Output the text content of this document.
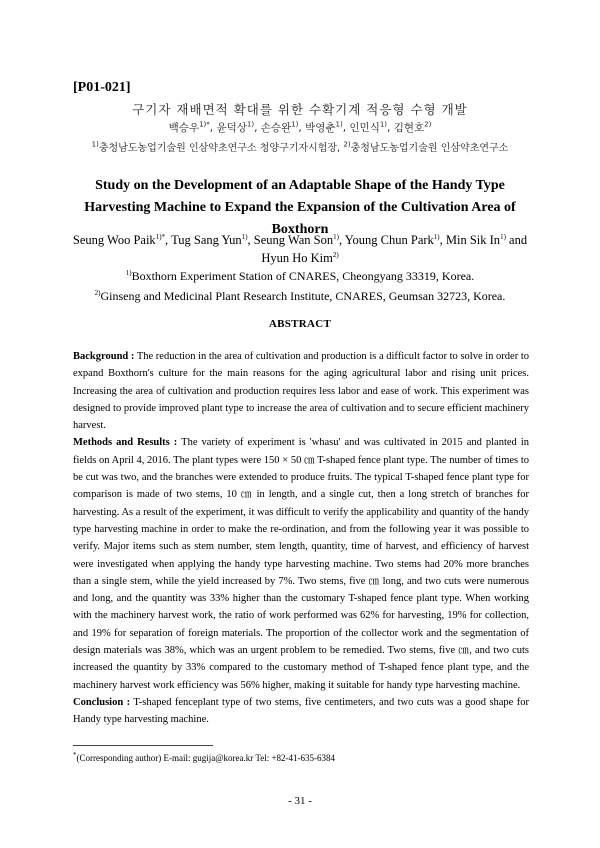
[P01-021]
구기자 재배면적 확대를 위한 수확기계 적응형 수형 개발
백승우$^{1)*}$, 윤덕상$^{1)}$, 손승완$^{1)}$, 박영춘$^{1)}$, 인민식$^{1)}$, 김현호$^{2)}$
$^{1)}$충청남도농업기술원 인삼약초연구소 청양구기자시험장, $^{2)}$충청남도농업기술원 인삼약초연구소
Study on the Development of an Adaptable Shape of the Handy Type Harvesting Machine to Expand the Expansion of the Cultivation Area of Boxthorn
Seung Woo Paik$^{1)*}$, Tug Sang Yun$^{1)}$, Seung Wan Son$^{1)}$, Young Chun Park$^{1)}$, Min Sik In$^{1)}$ and Hyun Ho Kim$^{2)}$
$^{1)}$Boxthorn Experiment Station of CNARES, Cheongyang 33319, Korea.
$^{2)}$Ginseng and Medicinal Plant Research Institute, CNARES, Geumsan 32723, Korea.
ABSTRACT

Background : The reduction in the area of cultivation and production is a difficult factor to solve in order to expand Boxthorn's culture for the main reasons for the aging agricultural labor and rising unit prices. Increasing the area of cultivation and production requires less labor and ease of work. This experiment was designed to provide improved plant type to increase the area of cultivation and to secure efficient machinery harvest.

Methods and Results : The variety of experiment is 'whasu' and was cultivated in 2015 and planted in fields on April 4, 2016. The plant types were 150 × 50 ㎝ T-shaped fence plant type. The number of times to be cut was two, and the branches were extended to produce fruits. The typical T-shaped fence plant type for comparison is made of two stems, 10 ㎝ in length, and a single cut, then a long stretch of branches for harvesting. As a result of the experiment, it was difficult to verify the applicability and quantity of the handy type harvesting machine in order to make the re-ordination, and from the following year it was possible to verify. Major items such as stem number, stem length, quantity, time of harvest, and efficiency of harvest were investigated when applying the handy type harvesting machine. Two stems had 20% more branches than a single stem, while the yield increased by 7%. Two stems, five ㎝ long, and two cuts were numerous and long, and the quantity was 33% higher than the customary T-shaped fence plant type. When working with the machinery harvest work, the ratio of work performed was 62% for harvesting, 19% for collection, and 19% for separation of foreign materials. The proportion of the collector work and the segmentation of design materials was 38%, which was an urgent problem to be remedied. Two stems, five ㎝, and two cuts increased the quantity by 33% compared to the customary method of T-shaped fence plant type, and the machinery harvest work efficiency was 56% higher, making it suitable for handy type harvesting machine.

Conclusion : T-shaped fenceplant type of two stems, five centimeters, and two cuts was a good shape for Handy type harvesting machine.

*(Corresponding author) E-mail: gugija@korea.kr Tel: +82-41-635-6384
- 31 -
